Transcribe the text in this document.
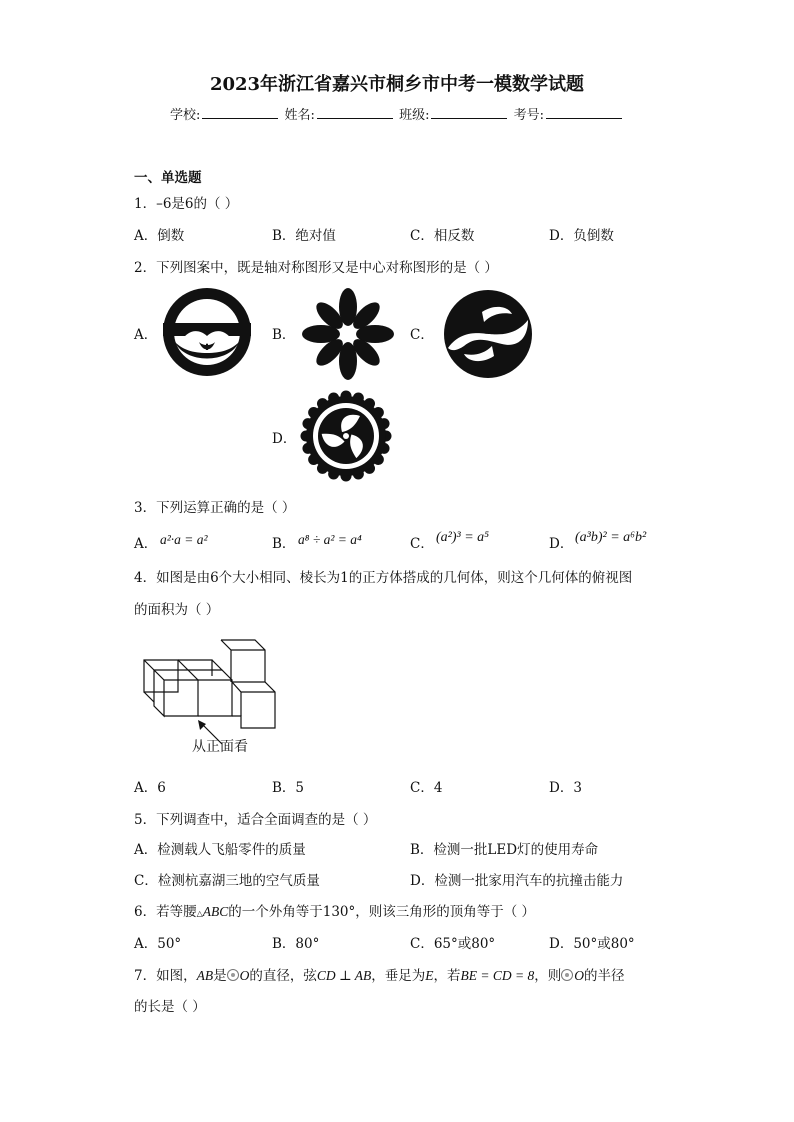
2023年浙江省嘉兴市桐乡市中考一模数学试题
学校:	姓名:	班级:	考号:
一、单选题
1．–6是6的（ ）
A．倒数	B．绝对值	C．相反数	D．负倒数
2．下列图案中，既是轴对称图形又是中心对称图形的是（ ）
A．	B．	C．
D．
3．下列运算正确的是（ ）
A． a²·a = a²	B． a⁸ ÷ a² = a⁴	C． (a²)³ = a⁵	D． (a³b)² = a⁶b²
4．如图是由6个大小相同、棱长为1的正方体搭成的几何体，则这个几何体的俯视图
的面积为（ ）
从正面看
A．6	B．5	C．4	D．3
5．下列调查中，适合全面调查的是（ ）
A．检测载人飞船零件的质量	B．检测一批LED灯的使用寿命
C．检测杭嘉湖三地的空气质量	D．检测一批家用汽车的抗撞击能力
6．若等腰△ABC的一个外角等于130°，则该三角形的顶角等于（ ）
A．50°	B．80°	C．65°或80°	D．50°或80°
7．如图，AB是 O的直径，弦CD ⊥ AB，垂足为E，若BE = CD = 8，则 O的半径
的长是（ ）
